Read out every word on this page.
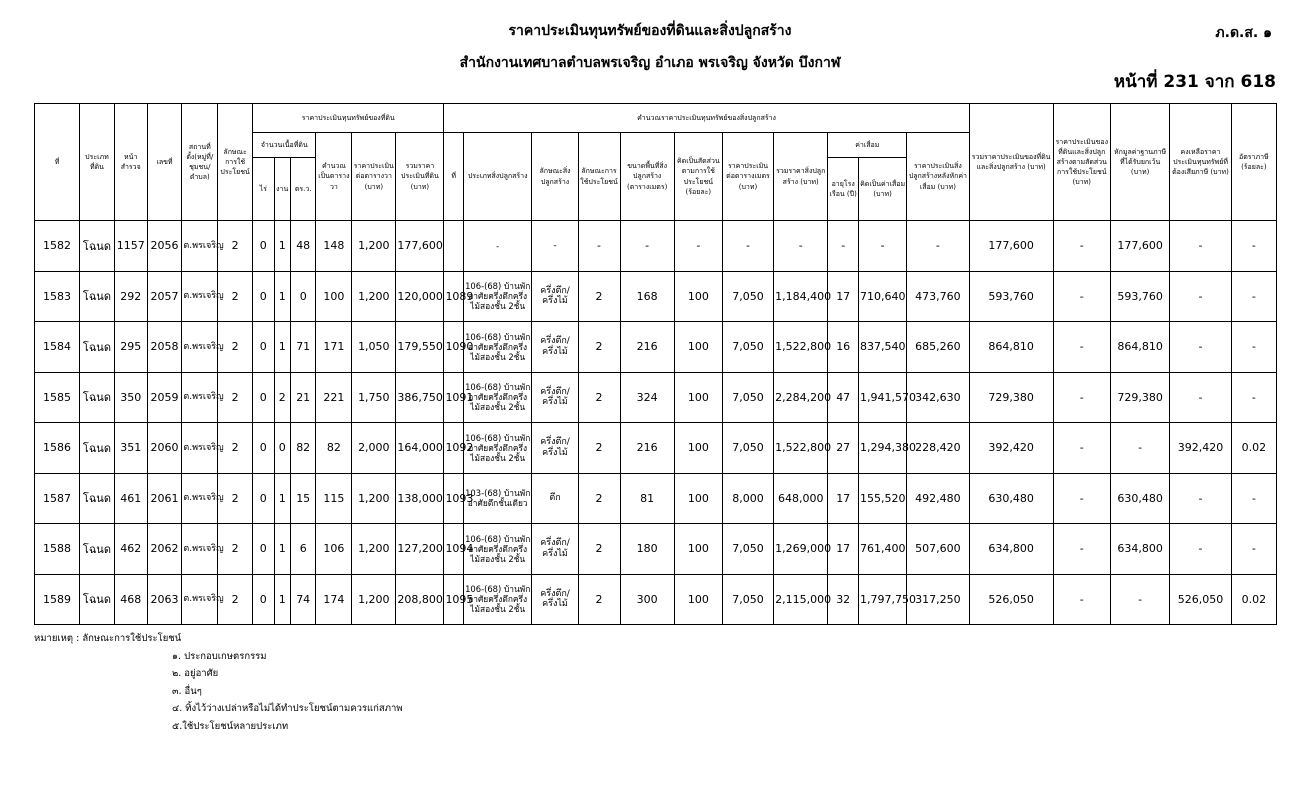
ราคาประเมินทุนทรัพย์ของที่ดินและสิ่งปลูกสร้าง
สำนักงานเทศบาลตำบลพรเจริญ อำเภอ พรเจริญ จังหวัด บึงกาฬ
ภ.ด.ส. ๑
หน้าที่ 231 จาก 618
ที่	ประเภทที่ดิน	หน้าสำรวจ	เลขที่	สถานที่ตั้ง(หมู่ที่/ชุมชน/ตำบล)	ลักษณะการใช้ประโยชน์	ราคาประเมินทุนทรัพย์ของที่ดิน						คำนวณราคาประเมินทุนทรัพย์ของสิ่งปลูกสร้าง											รวมราคาประเมินของที่ดินและสิ่งปลูกสร้าง (บาท)	ราคาประเมินของที่ดินและสิ่งปลูกสร้างตามสัดส่วนการใช้ประโยชน์ (บาท)	หักมูลค่าฐานภาษีที่ได้รับยกเว้น (บาท)	คงเหลือราคาประเมินทุนทรัพย์ที่ต้องเสียภาษี (บาท)	อัตราภาษี (ร้อยละ)
						จำนวนเนื้อที่ดิน			คำนวณเป็นตารางวา	ราคาประเมินต่อตารางวา (บาท)	รวมราคาประเมินที่ดิน (บาท)	ที่	ประเภทสิ่งปลูกสร้าง	ลักษณะสิ่งปลูกสร้าง	ลักษณะการใช้ประโยชน์	ขนาดพื้นที่สิ่งปลูกสร้าง (ตารางเมตร)	คิดเป็นสัดส่วนตามการใช้ประโยชน์ (ร้อยละ)	ราคาประเมินต่อตารางเมตร (บาท)	รวมราคาสิ่งปลูกสร้าง (บาท)	ค่าเสื่อม		ราคาประเมินสิ่งปลูกสร้างหลังหักค่าเสื่อม (บาท)					
						ไร่	งาน	ตร.ว.												อายุโรงเรือน (ปี)	คิดเป็นค่าเสื่อม (บาท)						
1582	โฉนด	1157	2056	ต.พรเจริญ	2	0	1	48	148	1,200	177,600		-	-	-	-	-	-	-	-	-	-	177,600	-	177,600	-	-
1583	โฉนด	292	2057	ต.พรเจริญ	2	0	1	0	100	1,200	120,000	1089	106-(68) บ้านพักอาศัยครึ่งตึกครึ่งไม้สองชั้น 2ชั้น	ครึ่งตึก/ครึ่งไม้	2	168	100	7,050	1,184,400	17	710,640	473,760	593,760	-	593,760	-	-
1584	โฉนด	295	2058	ต.พรเจริญ	2	0	1	71	171	1,050	179,550	1090	106-(68) บ้านพักอาศัยครึ่งตึกครึ่งไม้สองชั้น 2ชั้น	ครึ่งตึก/ครึ่งไม้	2	216	100	7,050	1,522,800	16	837,540	685,260	864,810	-	864,810	-	-
1585	โฉนด	350	2059	ต.พรเจริญ	2	0	2	21	221	1,750	386,750	1091	106-(68) บ้านพักอาศัยครึ่งตึกครึ่งไม้สองชั้น 2ชั้น	ครึ่งตึก/ครึ่งไม้	2	324	100	7,050	2,284,200	47	1,941,570	342,630	729,380	-	729,380	-	-
1586	โฉนด	351	2060	ต.พรเจริญ	2	0	0	82	82	2,000	164,000	1092	106-(68) บ้านพักอาศัยครึ่งตึกครึ่งไม้สองชั้น 2ชั้น	ครึ่งตึก/ครึ่งไม้	2	216	100	7,050	1,522,800	27	1,294,380	228,420	392,420	-	-	392,420	0.02
1587	โฉนด	461	2061	ต.พรเจริญ	2	0	1	15	115	1,200	138,000	1093	103-(68) บ้านพักอาศัยตึกชั้นเดียว	ตึก	2	81	100	8,000	648,000	17	155,520	492,480	630,480	-	630,480	-	-
1588	โฉนด	462	2062	ต.พรเจริญ	2	0	1	6	106	1,200	127,200	1094	106-(68) บ้านพักอาศัยครึ่งตึกครึ่งไม้สองชั้น 2ชั้น	ครึ่งตึก/ครึ่งไม้	2	180	100	7,050	1,269,000	17	761,400	507,600	634,800	-	634,800	-	-
1589	โฉนด	468	2063	ต.พรเจริญ	2	0	1	74	174	1,200	208,800	1095	106-(68) บ้านพักอาศัยครึ่งตึกครึ่งไม้สองชั้น 2ชั้น	ครึ่งตึก/ครึ่งไม้	2	300	100	7,050	2,115,000	32	1,797,750	317,250	526,050	-	-	526,050	0.02
หมายเหตุ : ลักษณะการใช้ประโยชน์
๑. ประกอบเกษตรกรรม
๒. อยู่อาศัย
๓. อื่นๆ
๔. ทิ้งไว้ว่างเปล่าหรือไม่ได้ทำประโยชน์ตามควรแก่สภาพ
๕.ใช้ประโยชน์หลายประเภท
